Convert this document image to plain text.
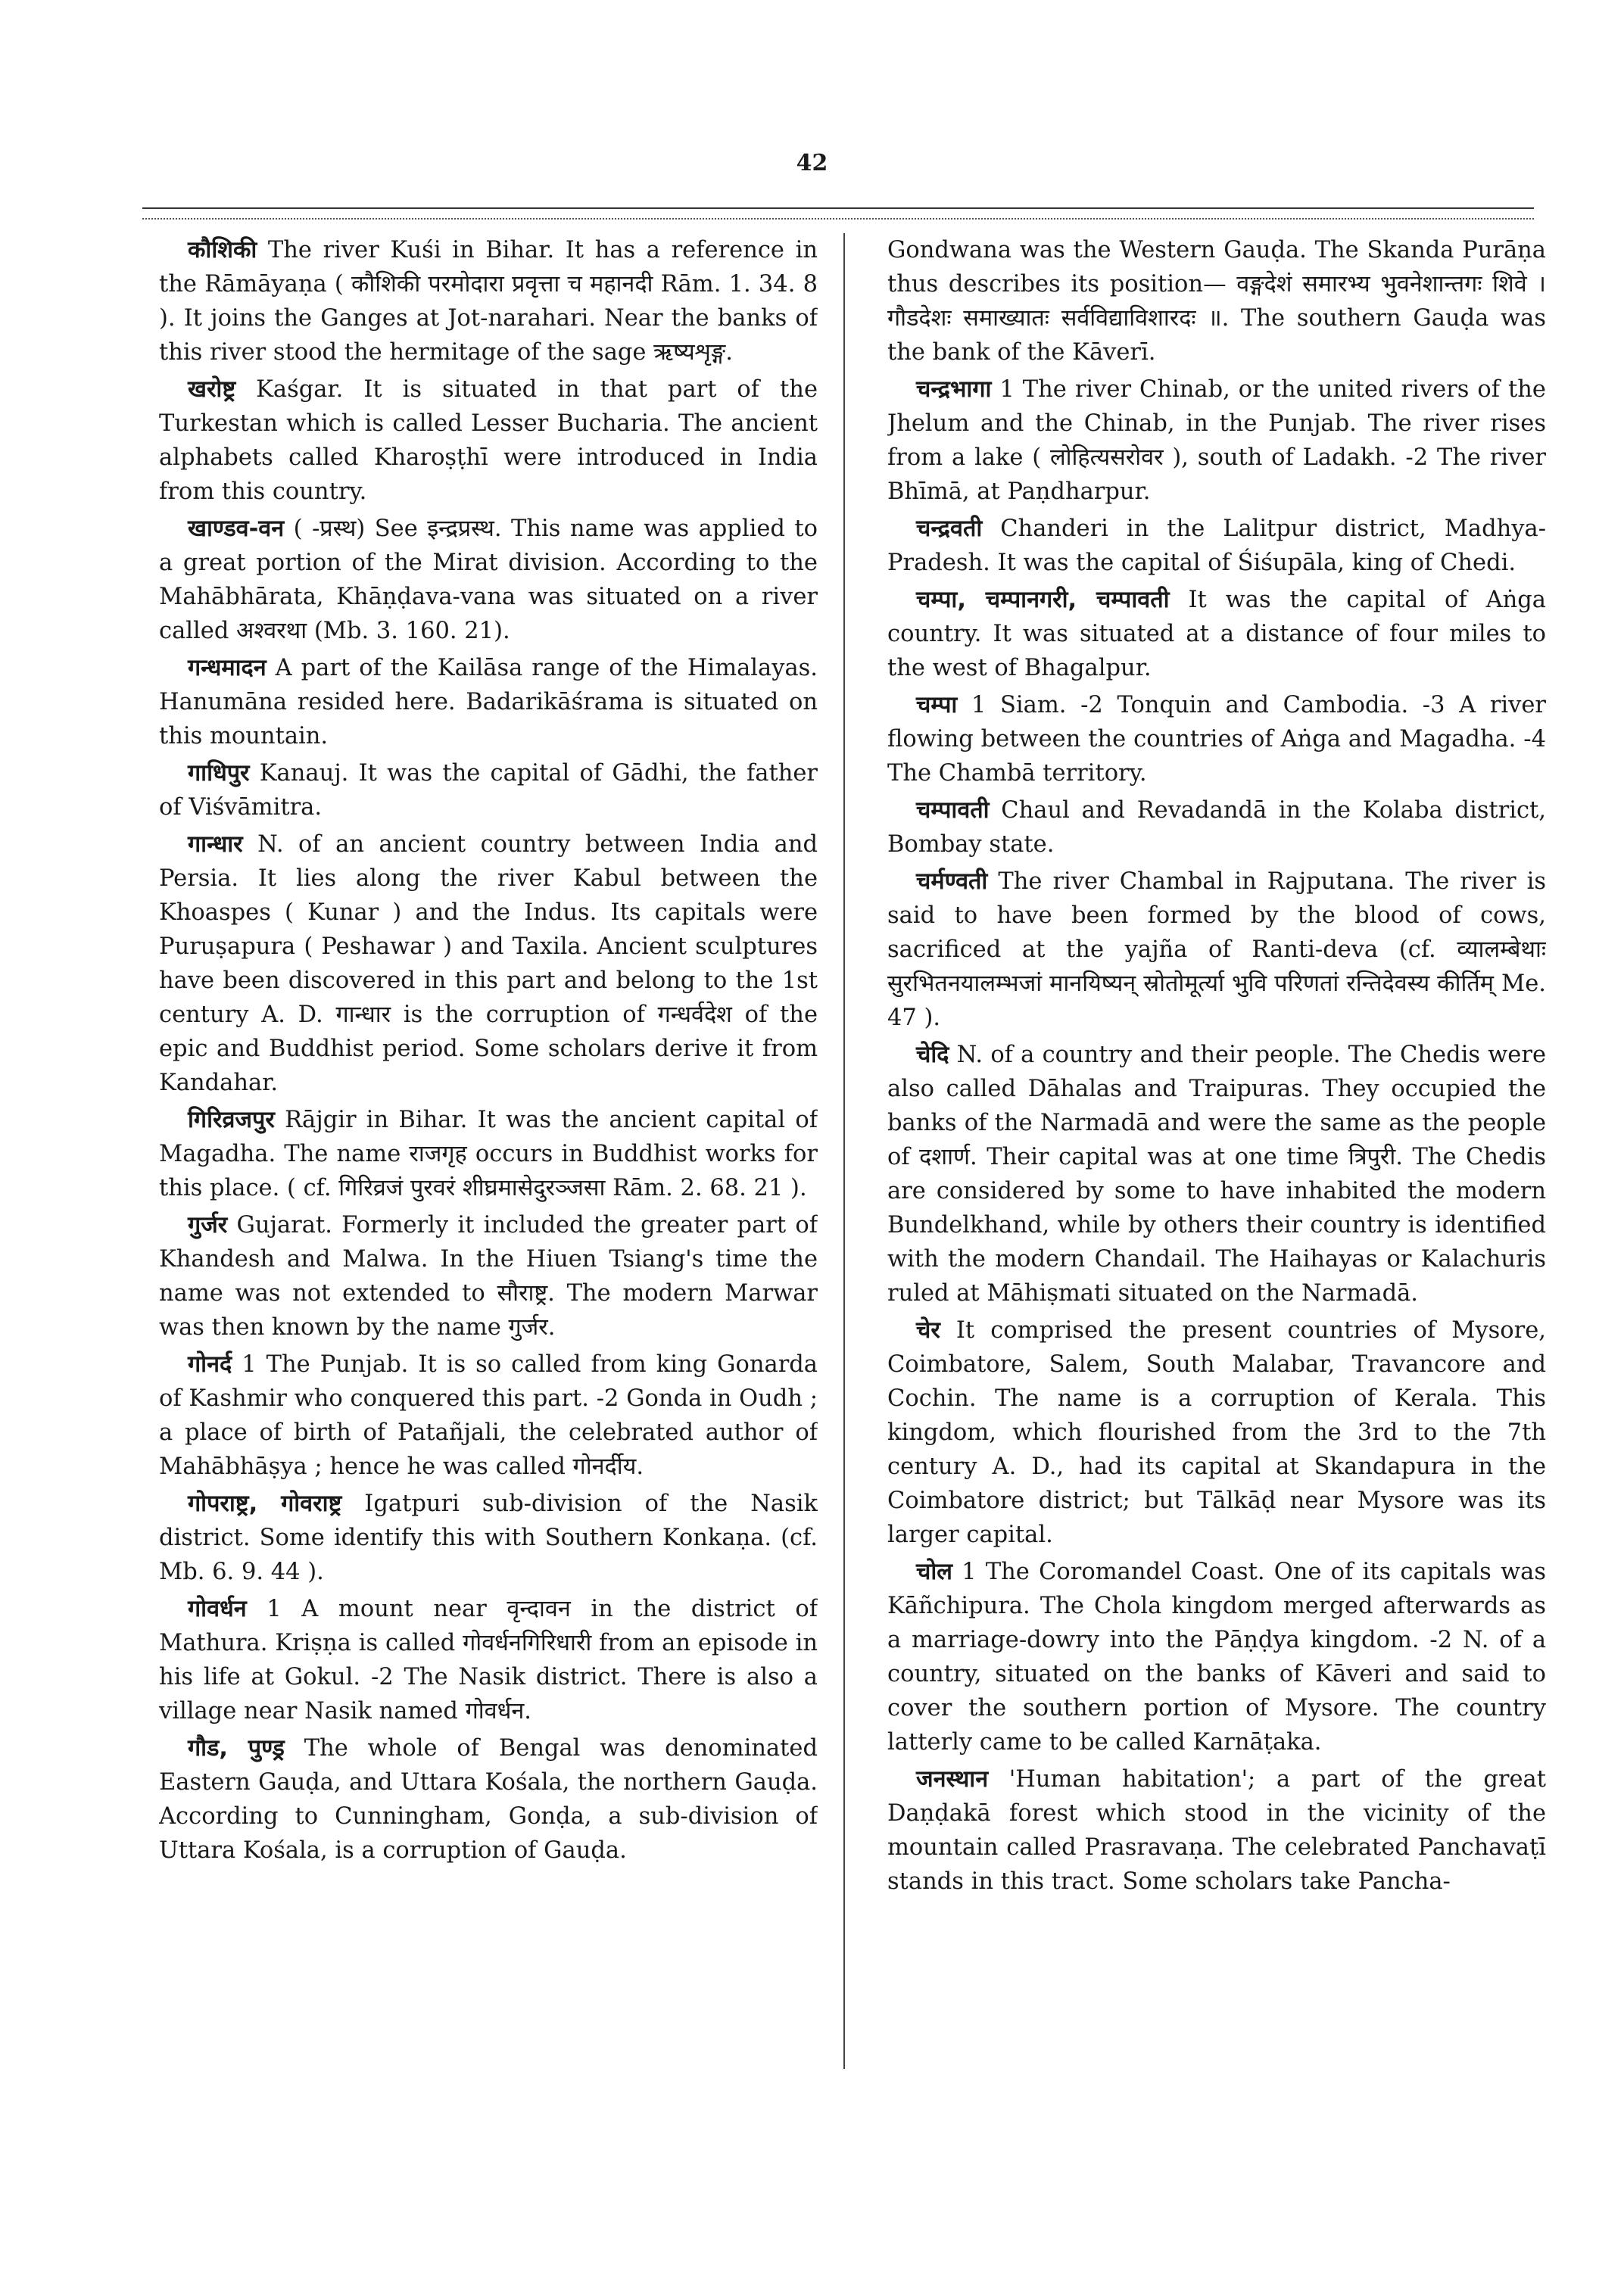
42

कौशिकी The river Kuśi in Bihar. It has a reference in the Rāmāyaṇa ( कौशिकी परमोदारा प्रवृत्ता च महानदी Rām. 1. 34. 8 ). It joins the Ganges at Jot-narahari. Near the banks of this river stood the hermitage of the sage ऋष्यशृङ्ग.

खरोष्ट्र Kaśgar. It is situated in that part of the Turkestan which is called Lesser Bucharia. The ancient alphabets called Kharoṣṭhī were introduced in India from this country.

खाण्डव-वन ( -प्रस्थ) See इन्द्रप्रस्थ. This name was applied to a great portion of the Mirat division. According to the Mahābhārata, Khāṇḍava-vana was situated on a river called अश्वरथा (Mb. 3. 160. 21).

गन्धमादन A part of the Kailāsa range of the Himalayas. Hanumāna resided here. Badarikāśrama is situated on this mountain.

गाधिपुर Kanauj. It was the capital of Gādhi, the father of Viśvāmitra.

गान्धार N. of an ancient country between India and Persia. It lies along the river Kabul between the Khoaspes ( Kunar ) and the Indus. Its capitals were Puruṣapura ( Peshawar ) and Taxila. Ancient sculptures have been discovered in this part and belong to the 1st century A. D. गान्धार is the corruption of गन्धर्वदेश of the epic and Buddhist period. Some scholars derive it from Kandahar.

गिरिव्रजपुर Rājgir in Bihar. It was the ancient capital of Magadha. The name राजगृह occurs in Buddhist works for this place. ( cf. गिरिव्रजं पुरवरं शीघ्रमासेदुरञ्जसा Rām. 2. 68. 21 ).

गुर्जर Gujarat. Formerly it included the greater part of Khandesh and Malwa. In the Hiuen Tsiang's time the name was not extended to सौराष्ट्र. The modern Marwar was then known by the name गुर्जर.

गोनर्द 1 The Punjab. It is so called from king Gonarda of Kashmir who conquered this part. -2 Gonda in Oudh ; a place of birth of Patañjali, the celebrated author of Mahābhāṣya ; hence he was called गोनर्दीय.

गोपराष्ट्र, गोवराष्ट्र Igatpuri sub-division of the Nasik district. Some identify this with Southern Konkaṇa. (cf. Mb. 6. 9. 44 ).

गोवर्धन 1 A mount near वृन्दावन in the district of Mathura. Kriṣṇa is called गोवर्धनगिरिधारी from an episode in his life at Gokul. -2 The Nasik district. There is also a village near Nasik named गोवर्धन.

गौड, पुण्ड्र The whole of Bengal was denominated Eastern Gauḍa, and Uttara Kośala, the northern Gauḍa. According to Cunningham, Gonḍa, a sub-division of Uttara Kośala, is a corruption of Gauḍa.

Gondwana was the Western Gauḍa. The Skanda Purāṇa thus describes its position— वङ्गदेशं समारभ्य भुवनेशान्तगः शिवे । गौडदेशः समाख्यातः सर्वविद्याविशारदः ॥. The southern Gauḍa was the bank of the Kāverī.

चन्द्रभागा 1 The river Chinab, or the united rivers of the Jhelum and the Chinab, in the Punjab. The river rises from a lake ( लोहित्यसरोवर ), south of Ladakh. -2 The river Bhīmā, at Paṇdharpur.

चन्द्रवती Chanderi in the Lalitpur district, Madhya-Pradesh. It was the capital of Śiśupāla, king of Chedi.

चम्पा, चम्पानगरी, चम्पावती It was the capital of Aṅga country. It was situated at a distance of four miles to the west of Bhagalpur.

चम्पा 1 Siam. -2 Tonquin and Cambodia. -3 A river flowing between the countries of Aṅga and Magadha. -4 The Chambā territory.

चम्पावती Chaul and Revadandā in the Kolaba district, Bombay state.

चर्मण्वती The river Chambal in Rajputana. The river is said to have been formed by the blood of cows, sacrificed at the yajña of Ranti-deva (cf. व्यालम्बेथाः सुरभितनयालम्भजां मानयिष्यन् स्रोतोमूर्त्या भुवि परिणतां रन्तिदेवस्य कीर्तिम् Me. 47 ).

चेदि N. of a country and their people. The Chedis were also called Dāhalas and Traipuras. They occupied the banks of the Narmadā and were the same as the people of दशार्ण. Their capital was at one time त्रिपुरी. The Chedis are considered by some to have inhabited the modern Bundelkhand, while by others their country is identified with the modern Chandail. The Haihayas or Kalachuris ruled at Māhiṣmati situated on the Narmadā.

चेर It comprised the present countries of Mysore, Coimbatore, Salem, South Malabar, Travancore and Cochin. The name is a corruption of Kerala. This kingdom, which flourished from the 3rd to the 7th century A. D., had its capital at Skandapura in the Coimbatore district; but Tālkāḍ near Mysore was its larger capital.

चोल 1 The Coromandel Coast. One of its capitals was Kāñchipura. The Chola kingdom merged afterwards as a marriage-dowry into the Pāṇḍya kingdom. -2 N. of a country, situated on the banks of Kāveri and said to cover the southern portion of Mysore. The country latterly came to be called Karnāṭaka.

जनस्थान 'Human habitation'; a part of the great Daṇḍakā forest which stood in the vicinity of the mountain called Prasravaṇa. The celebrated Panchavaṭī stands in this tract. Some scholars take Pancha-
